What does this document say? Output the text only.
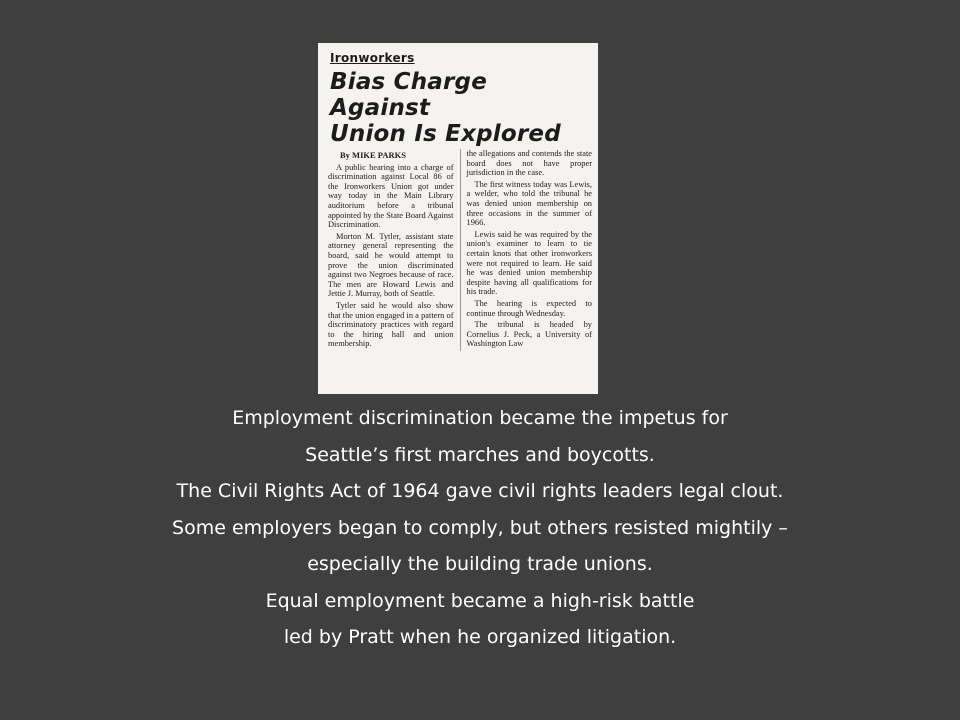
Ironworkers
Bias Charge Against
Union Is Explored
By MIKE PARKS

A public hearing into a charge of discrimination against Local 86 of the Ironworkers Union got under way today in the Main Library auditorium before a tribunal appointed by the State Board Against Discrimination.

Morton M. Tytler, assistant state attorney general representing the board, said he would attempt to prove the union discriminated against two Negroes because of race. The men are Howard Lewis and Jettie J. Murray, both of Seattle.

Tytler said he would also show that the union engaged in a pattern of discriminatory practices with regard to the hiring hall and union membership.

the allegations and contends the state board does not have proper jurisdiction in the case.

The first witness today was Lewis, a welder, who told the tribunal he was denied union membership on three occasions in the summer of 1966.

Lewis said he was required by the union's examiner to learn to tie certain knots that other ironworkers were not required to learn. He said he was denied union membership despite having all qualifications for his trade.

The hearing is expected to continue through Wednesday.

The tribunal is headed by Cornelius J. Peck, a University of Washington Law

Employment discrimination became the impetus for
Seattle’s first marches and boycotts.
The Civil Rights Act of 1964 gave civil rights leaders legal clout.
Some employers began to comply, but others resisted mightily –
especially the building trade unions.
Equal employment became a high-risk battle
led by Pratt when he organized litigation.
